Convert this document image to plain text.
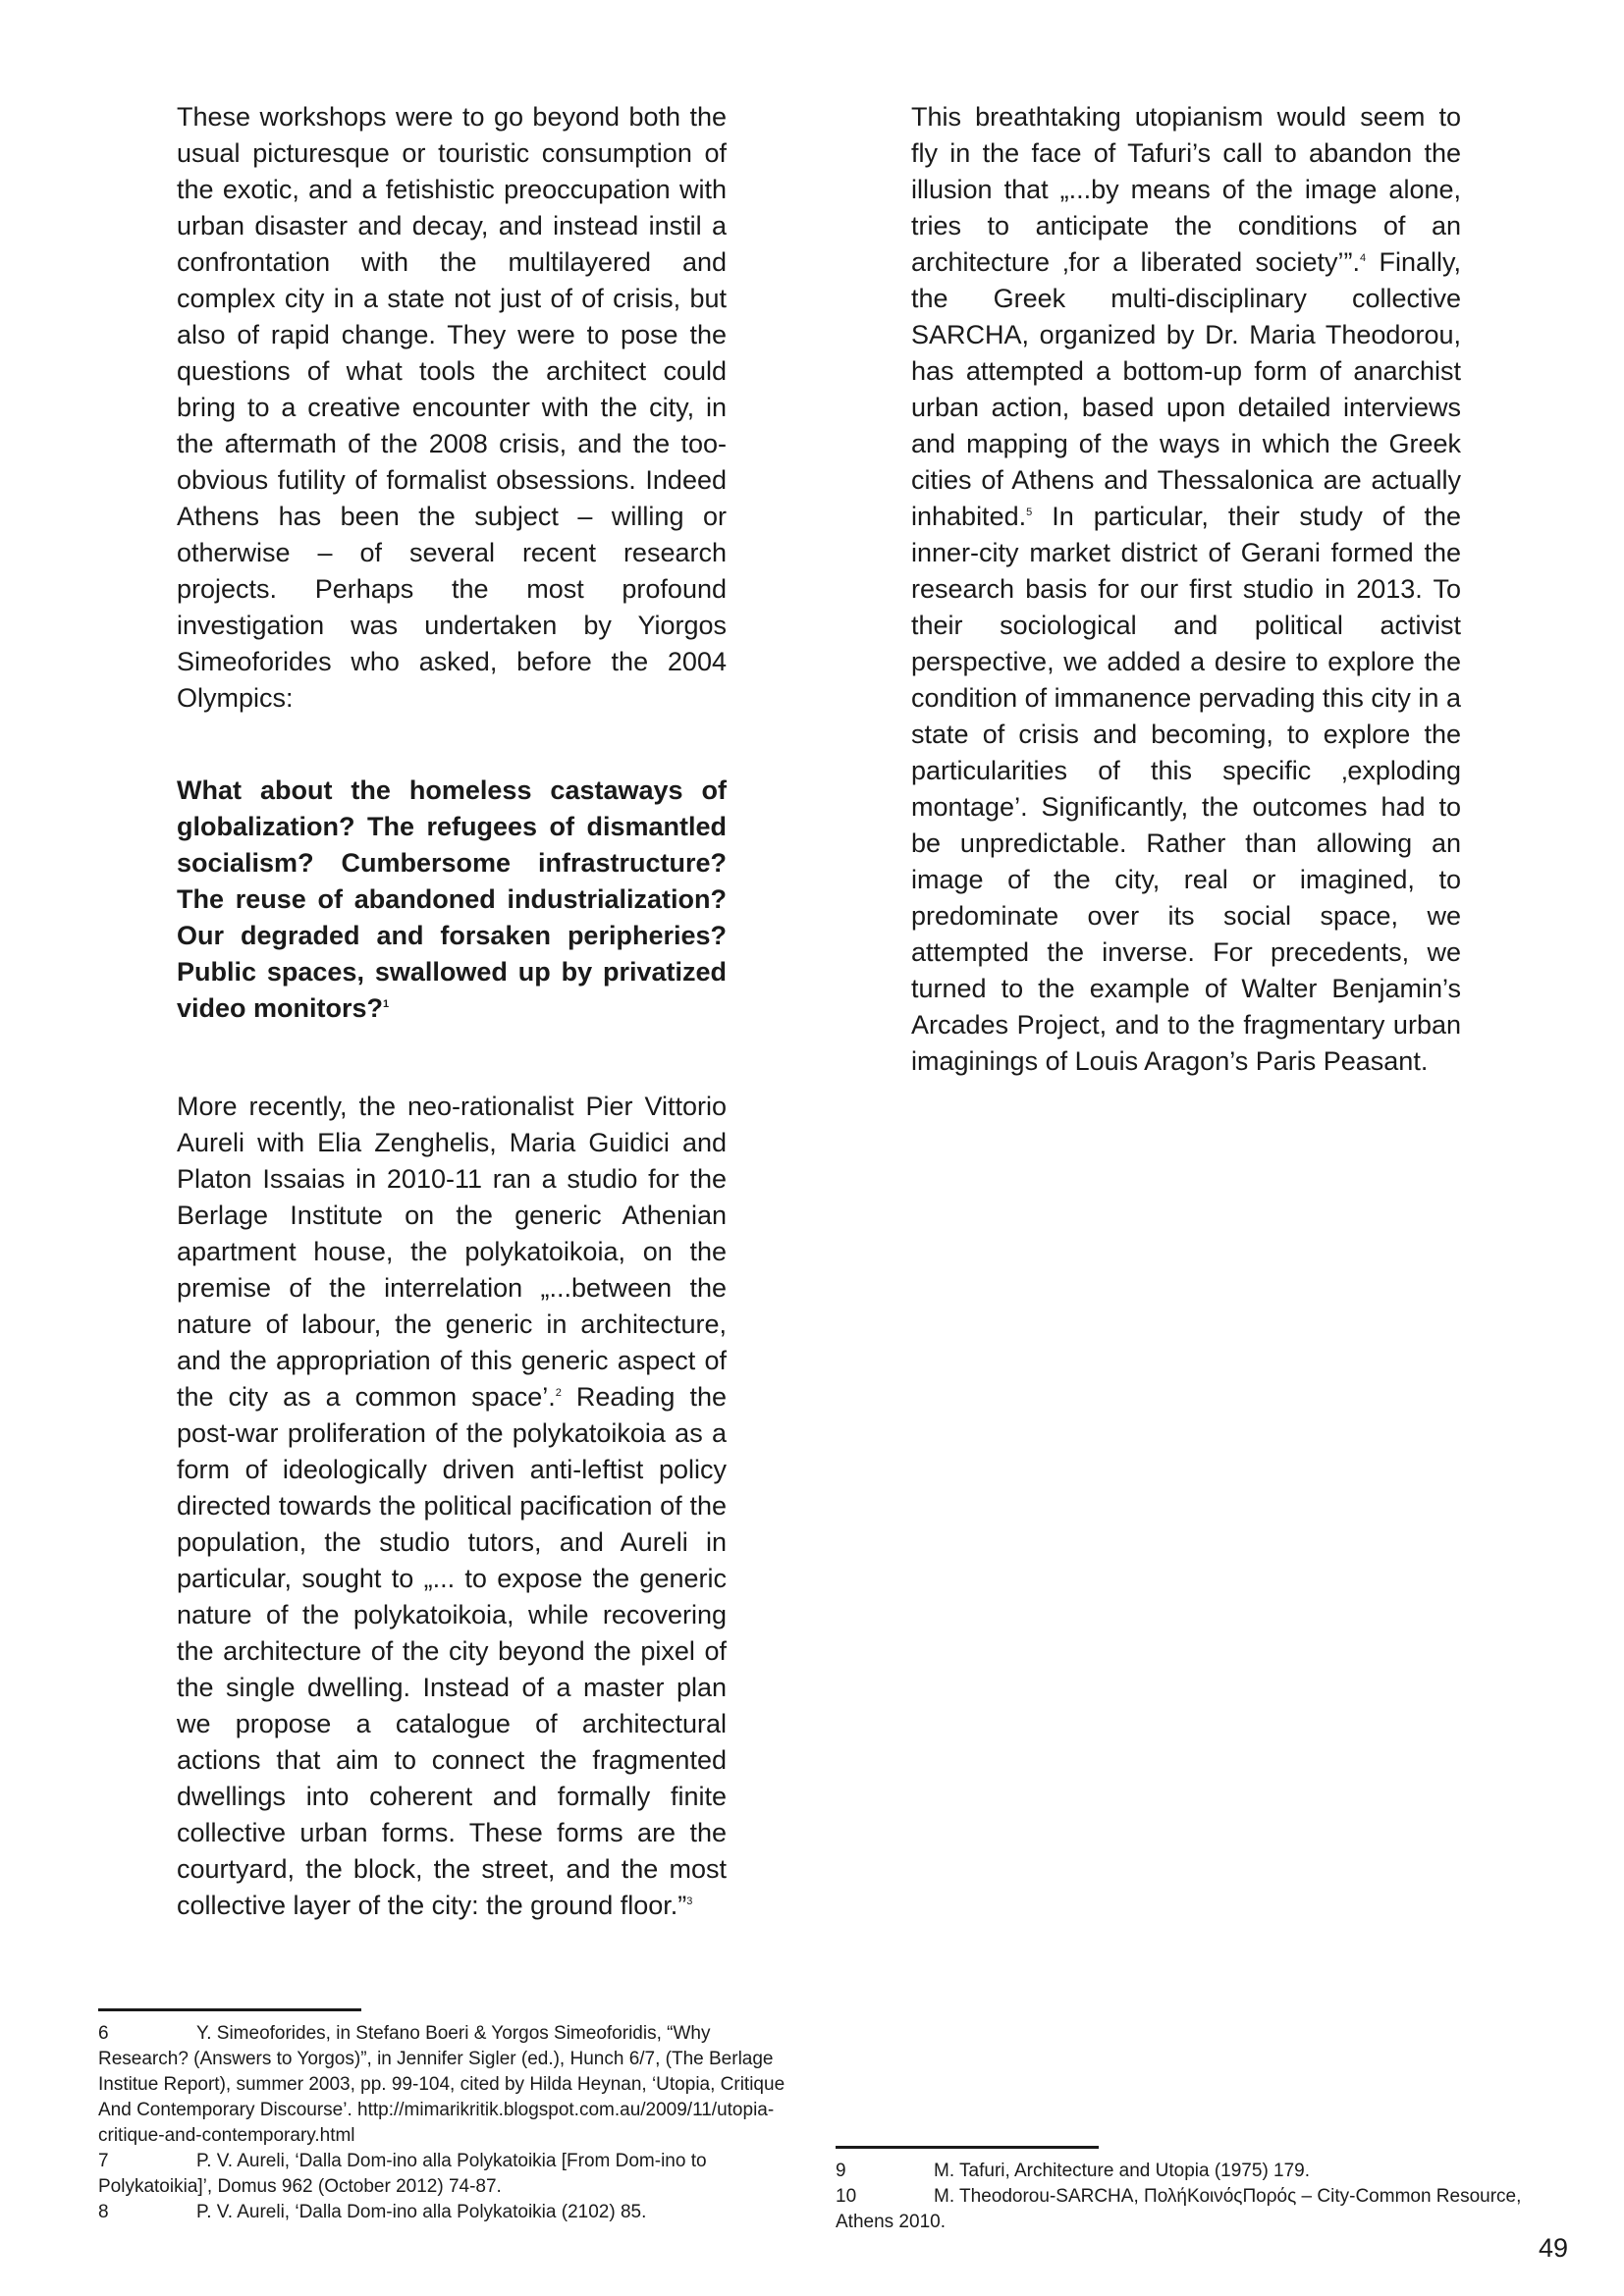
These workshops were to go beyond both the usual picturesque or touristic consumption of the exotic, and a fetishistic preoccupation with urban disaster and decay, and instead instil a confrontation with the multilayered and complex city in a state not just of of crisis, but also of rapid change. They were to pose the questions of what tools the architect could bring to a creative encounter with the city, in the aftermath of the 2008 crisis, and the too-obvious futility of formalist obsessions. Indeed Athens has been the subject – willing or otherwise – of several recent research projects. Perhaps the most profound investigation was undertaken by Yiorgos Simeoforides who asked, before the 2004 Olympics:

What about the homeless castaways of globalization? The refugees of dismantled socialism? Cumbersome infrastructure? The reuse of abandoned industrialization? Our degraded and forsaken peripheries? Public spaces, swallowed up by privatized video monitors?$^1$

More recently, the neo-rationalist Pier Vittorio Aureli with Elia Zenghelis, Maria Guidici and Platon Issaias in 2010-11 ran a studio for the Berlage Institute on the generic Athenian apartment house, the polykatoikoia, on the premise of the interrelation „...between the nature of labour, the generic in architecture, and the appropriation of this generic aspect of the city as a common space’.$^2$ Reading the post-war proliferation of the polykatoikoia as a form of ideologically driven anti-leftist policy directed towards the political pacification of the population, the studio tutors, and Aureli in particular, sought to „... to expose the generic nature of the polykatoikoia, while recovering the architecture of the city beyond the pixel of the single dwelling. Instead of a master plan we propose a catalogue of architectural actions that aim to connect the fragmented dwellings into coherent and formally finite collective urban forms. These forms are the courtyard, the block, the street, and the most collective layer of the city: the ground floor.”$^3$

This breathtaking utopianism would seem to fly in the face of Tafuri’s call to abandon the illusion that „...by means of the image alone, tries to anticipate the conditions of an architecture ‚for a liberated society’”.$^4$ Finally, the Greek multi-disciplinary collective SARCHA, organized by Dr. Maria Theodorou, has attempted a bottom-up form of anarchist urban action, based upon detailed interviews and mapping of the ways in which the Greek cities of Athens and Thessalonica are actually inhabited.$^5$ In particular, their study of the inner-city market district of Gerani formed the research basis for our first studio in 2013. To their sociological and political activist perspective, we added a desire to explore the condition of immanence pervading this city in a state of crisis and becoming, to explore the particularities of this specific ‚exploding montage’. Significantly, the outcomes had to be unpredictable. Rather than allowing an image of the city, real or imagined, to predominate over its social space, we attempted the inverse. For precedents, we turned to the example of Walter Benjamin’s Arcades Project, and to the fragmentary urban imaginings of Louis Aragon’s Paris Peasant.

6	Y. Simeoforides, in Stefano Boeri & Yorgos Simeoforidis, “Why Research? (Answers to Yorgos)”, in Jennifer Sigler (ed.), Hunch 6/7, (The Berlage Institue Report), summer 2003, pp. 99-104, cited by Hilda Heynan, ‘Utopia, Critique And Contemporary Discourse’. http://mimarikritik.blogspot.com.au/2009/11/utopia-critique-and-contemporary.html

7	P. V. Aureli, ‘Dalla Dom-ino alla Polykatoikia [From Dom-ino to Polykatoikia]’, Domus 962 (October 2012) 74-87.

8	P. V. Aureli, ‘Dalla Dom-ino alla Polykatoikia (2102) 85.

9	M. Tafuri, Architecture and Utopia (1975) 179.

10	M. Theodorou-SARCHA, ΠολήΚοινόςΠορός – City-Common Resource, Athens 2010.

49
